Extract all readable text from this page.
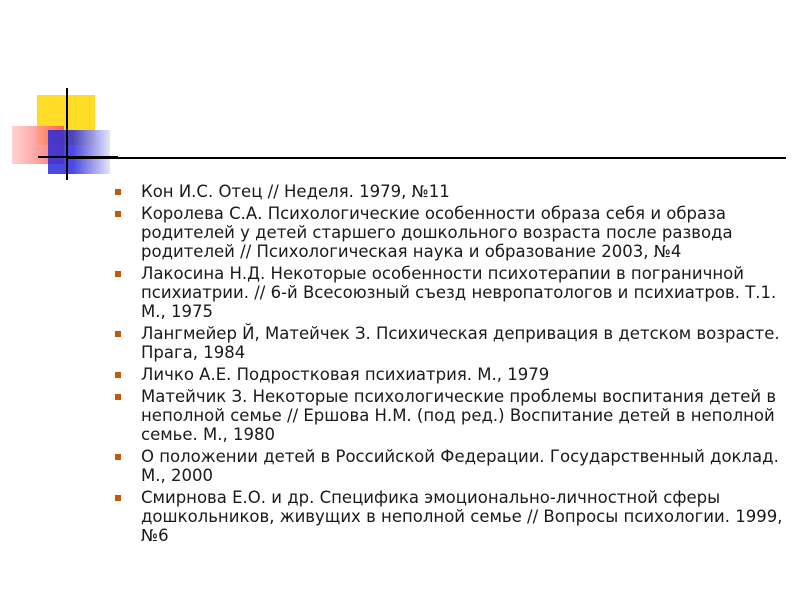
Кон И.С. Отец // Неделя. 1979, №11
Королева С.А. Психологические особенности образа себя и образа родителей у детей старшего дошкольного возраста после развода родителей // Психологическая наука и образование 2003, №4
Лакосина Н.Д. Некоторые особенности психотерапии в пограничной психиатрии. // 6-й Всесоюзный съезд невропатологов и психиатров. Т.1. М., 1975
Лангмейер Й, Матейчек З. Психическая депривация в детском возрасте. Прага, 1984
Личко А.Е. Подростковая психиатрия. М., 1979
Матейчик З. Некоторые психологические проблемы воспитания детей в неполной семье // Ершова Н.М. (под ред.) Воспитание детей в неполной семье. М., 1980
О положении детей в Российской Федерации. Государственный доклад. М., 2000
Смирнова Е.О. и др. Специфика эмоционально-личностной сферы дошкольников, живущих в неполной семье // Вопросы психологии. 1999, №6
